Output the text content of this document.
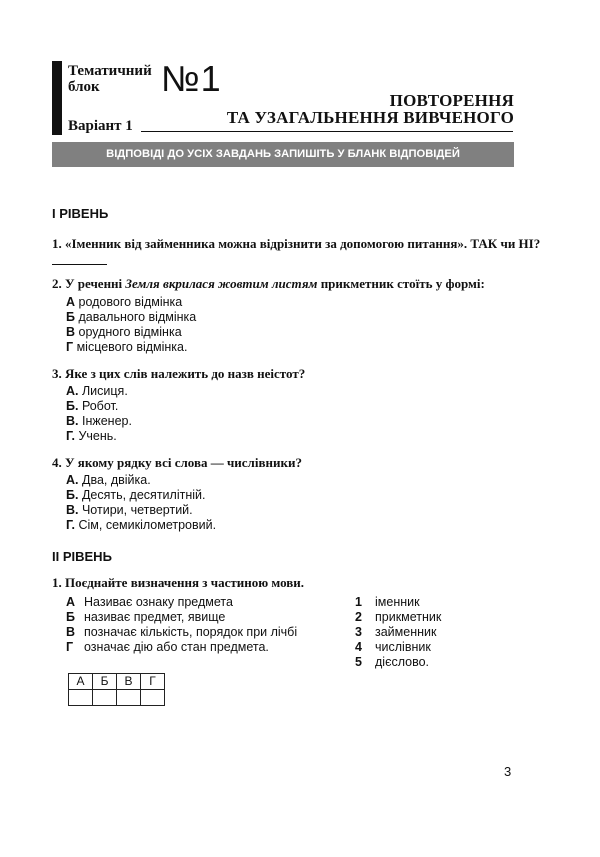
Тематичний
блок	№1
Варіант 1
ПОВТОРЕННЯ
ТА УЗАГАЛЬНЕННЯ ВИВЧЕНОГО
ВІДПОВІДІ ДО УСІХ ЗАВДАНЬ ЗАПИШІТЬ У БЛАНК ВІДПОВІДЕЙ
I РІВЕНЬ
1. «Іменник від займенника можна відрізнити за допомогою питання». ТАК чи НІ?
2. У реченні Земля вкрилася жовтим листям прикметник стоїть у формі:
А родового відмінка
Б давального відмінка
В орудного відмінка
Г місцевого відмінка.
3. Яке з цих слів належить до назв неістот?
А. Лисиця.
Б. Робот.
В. Інженер.
Г. Учень.
4. У якому рядку всі слова — числівники?
А. Два, двійка.
Б. Десять, десятилітній.
В. Чотири, четвертий.
Г. Сім, семикілометровий.
II РІВЕНЬ
1. Поєднайте визначення з частиною мови.
А Називає ознаку предмета
Б називає предмет, явище
В позначає кількість, порядок при лічбі
Г означає дію або стан предмета.
1 іменник
2 прикметник
3 займенник
4 числівник
5 дієслово.
А	Б	В	Г

3
